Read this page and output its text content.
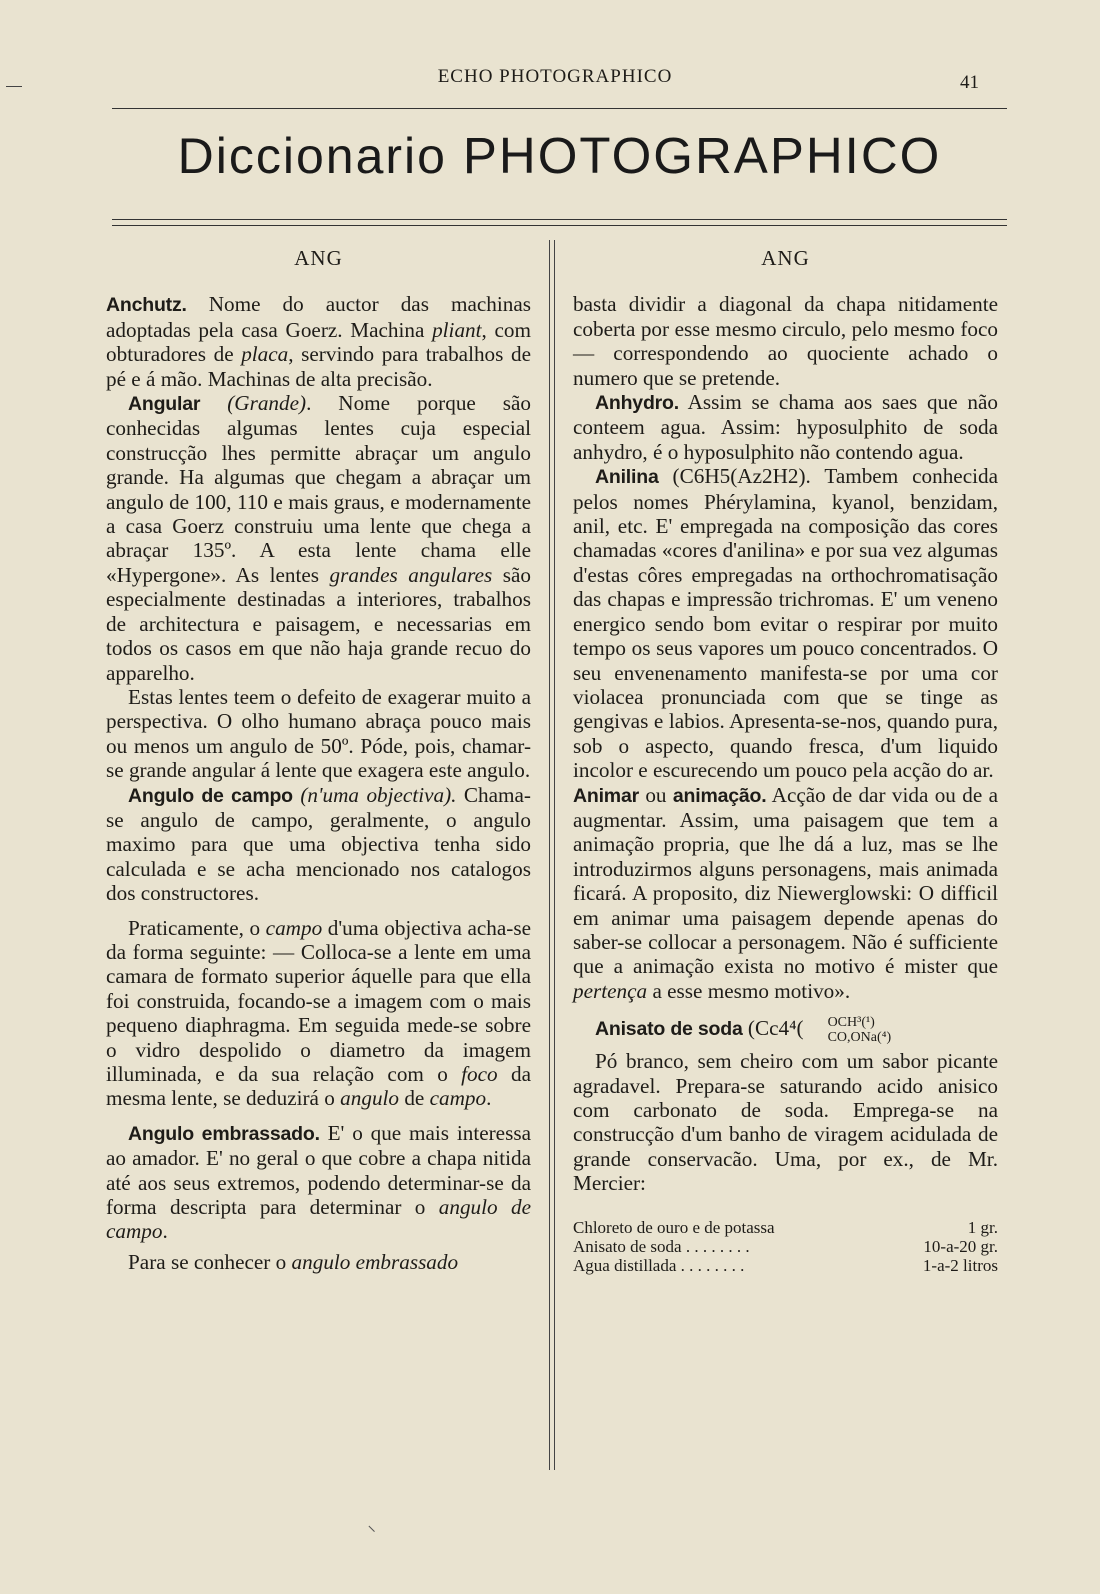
ECHO PHOTOGRAPHICO	41
Diccionario PHOTOGRAPHICO
ANG

Anchutz. Nome do auctor das machinas adoptadas pela casa Goerz. Machina pliant, com obturadores de placa, servindo para trabalhos de pé e á mão. Machinas de alta precisão.

Angular (Grande). Nome porque são conhecidas algumas lentes cuja especial construcção lhes permitte abraçar um angulo grande. Ha algumas que chegam a abraçar um angulo de 100, 110 e mais graus, e modernamente a casa Goerz construiu uma lente que chega a abraçar 135º. A esta lente chama elle «Hypergone». As lentes grandes angulares são especialmente destinadas a interiores, trabalhos de architectura e paisagem, e necessarias em todos os casos em que não haja grande recuo do apparelho.

Estas lentes teem o defeito de exagerar muito a perspectiva. O olho humano abraça pouco mais ou menos um angulo de 50º. Póde, pois, chamar-se grande angular á lente que exagera este angulo.

Angulo de campo (n'uma objectiva). Chama-se angulo de campo, geralmente, o angulo maximo para que uma objectiva tenha sido calculada e se acha mencionado nos catalogos dos constructores.

Praticamente, o campo d'uma objectiva acha-se da forma seguinte: — Colloca-se a lente em uma camara de formato superior áquelle para que ella foi construida, focando-se a imagem com o mais pequeno diaphragma. Em seguida mede-se sobre o vidro despolido o diametro da imagem illuminada, e da sua relação com o foco da mesma lente, se deduzirá o angulo de campo.

Angulo embrassado. E' o que mais interessa ao amador. E' no geral o que cobre a chapa nitida até aos seus extremos, podendo determinar-se da forma descripta para determinar o angulo de campo.

Para se conhecer o angulo embrassado

ANG

basta dividir a diagonal da chapa nitidamente coberta por esse mesmo circulo, pelo mesmo foco — correspondendo ao quociente achado o numero que se pretende.

Anhydro. Assim se chama aos saes que não conteem agua. Assim: hyposulphito de soda anhydro, é o hyposulphito não contendo agua.

Anilina (C6H5(Az2H2). Tambem conhecida pelos nomes Phérylamina, kyanol, benzidam, anil, etc. E' empregada na composição das cores chamadas «cores d'anilina» e por sua vez algumas d'estas côres empregadas na orthochromatisação das chapas e impressão trichromas. E' um veneno energico sendo bom evitar o respirar por muito tempo os seus vapores um pouco concentrados. O seu envenenamento manifesta-se por uma cor violacea pronunciada com que se tinge as gengivas e labios. Apresenta-se-nos, quando pura, sob o aspecto, quando fresca, d'um liquido incolor e escurecendo um pouco pela acção do ar.

Animar ou animação. Acção de dar vida ou de a augmentar. Assim, uma paisagem que tem a animação propria, que lhe dá a luz, mas se lhe introduzirmos alguns personagens, mais animada ficará. A proposito, diz Niewerglowski: O difficil em animar uma paisagem depende apenas do saber-se collocar a personagem. Não é sufficiente que a animação exista no motivo é mister que pertença a esse mesmo motivo».

Anisato de soda (Cc4⁴(	OCH³(¹)
CO,ONa(⁴)

Pó branco, sem cheiro com um sabor picante agradavel. Prepara-se saturando acido anisico com carbonato de soda. Emprega-se na construcção d'um banho de viragem acidulada de grande conservacão. Uma, por ex., de Mr. Mercier:

Chloreto de ouro e de potassa	1 gr.
Anisato de soda . . . . . . . .	10-a-20 gr.
Agua distillada . . . . . . . .	1-a-2 litros
